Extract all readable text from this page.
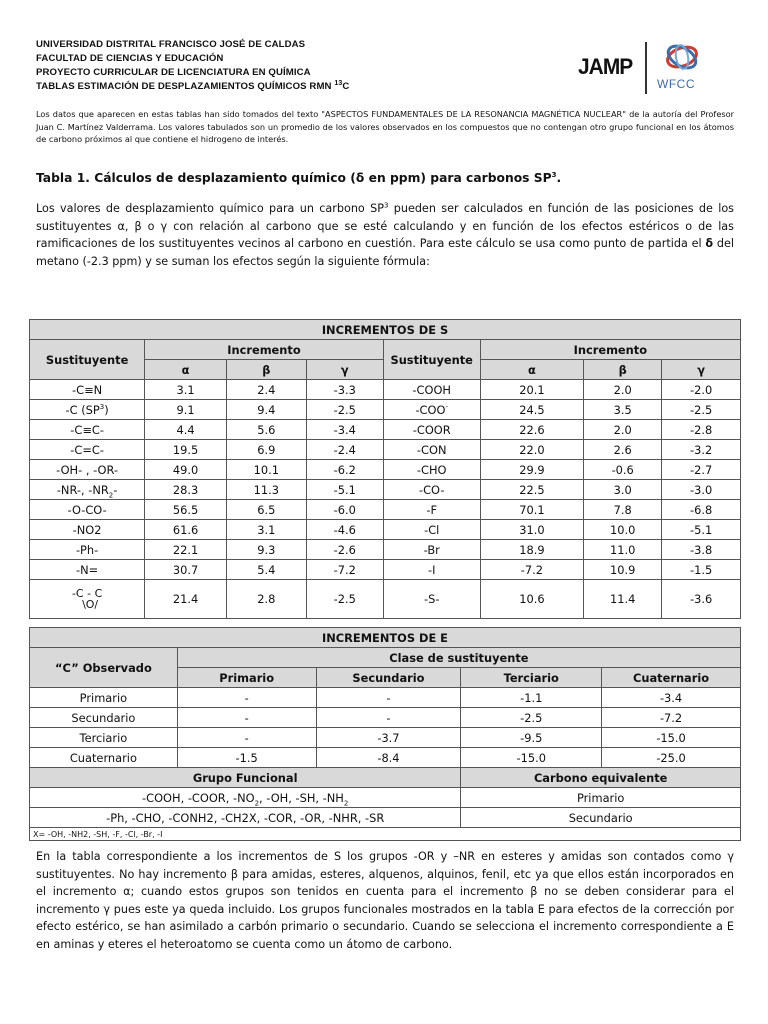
UNIVERSIDAD DISTRITAL FRANCISCO JOSÉ DE CALDAS
FACULTAD DE CIENCIAS Y EDUCACIÓN
PROYECTO CURRICULAR DE LICENCIATURA EN QUÍMICA
TABLAS ESTIMACIÓN DE DESPLAZAMIENTOS QUÍMICOS RMN $^{13}$C
JAMP
WFCC
Los datos que aparecen en estas tablas han sido tomados del texto "ASPECTOS FUNDAMENTALES DE LA RESONANCIA MAGNÉTICA NUCLEAR" de la autoría del Profesor Juan C. Martínez Valderrama. Los valores tabulados son un promedio de los valores observados en los compuestos que no contengan otro grupo funcional en los átomos de carbono próximos al que contiene el hidrogeno de interés.
Tabla 1. Cálculos de desplazamiento químico (δ en ppm) para carbonos $SP^3$.
Los valores de desplazamiento químico para un carbono $SP^3$ pueden ser calculados en función de las posiciones de los sustituyentes α, β o γ con relación al carbono que se esté calculando y en función de los efectos estéricos o de las ramificaciones de los sustituyentes vecinos al carbono en cuestión. Para este cálculo se usa como punto de partida el δ del metano (-2.3 ppm) y se suman los efectos según la siguiente fórmula:
INCREMENTOS DE S							
Sustituyente	Incremento			Sustituyente	Incremento		
	α	β	γ		α	β	γ
-C≡N	3.1	2.4	-3.3	-COOH	20.1	2.0	-2.0
-C $(SP^3)$	9.1	9.4	-2.5	-COO-	24.5	3.5	-2.5
-C≡C-	4.4	5.6	-3.4	-COOR	22.6	2.0	-2.8
-C=C-	19.5	6.9	-2.4	-CON	22.0	2.6	-3.2
-OH- , -OR-	49.0	10.1	-6.2	-CHO	29.9	-0.6	-2.7
-NR-, $-NR_2-$	28.3	11.3	-5.1	-CO-	22.5	3.0	-3.0
-O-CO-	56.5	6.5	-6.0	-F	70.1	7.8	-6.8
-NO2	61.6	3.1	-4.6	-Cl	31.0	10.0	-5.1
-Ph-	22.1	9.3	-2.6	-Br	18.9	11.0	-3.8
-N=	30.7	5.4	-7.2	-I	-7.2	10.9	-1.5

-C - C
\O/	21.4	2.8	-2.5	-S-	10.6	11.4	-3.6
INCREMENTOS DE E				
“C” Observado	Clase de sustituyente			
	Primario	Secundario	Terciario	Cuaternario
Primario	-	-	-1.1	-3.4
Secundario	-	-	-2.5	-7.2
Terciario	-	-3.7	-9.5	-15.0
Cuaternario	-1.5	-8.4	-15.0	-25.0
Grupo Funcional			Carbono equivalente	
-COOH, -COOR, $-NO_2$, -OH, -SH, $-NH_2$			Primario	
-Ph, -CHO, -CONH2, -CH2X, -COR, -OR, -NHR, -SR			Secundario	
X= -OH, -NH2, -SH, -F, -Cl, -Br, -I				
En la tabla correspondiente a los incrementos de S los grupos -OR y –NR en esteres y amidas son contados como γ sustituyentes. No hay incremento β para amidas, esteres, alquenos, alquinos, fenil, etc ya que ellos están incorporados en el incremento α; cuando estos grupos son tenidos en cuenta para el incremento β no se deben considerar para el incremento γ pues este ya queda incluido. Los grupos funcionales mostrados en la tabla E para efectos de la corrección por efecto estérico, se han asimilado a carbón primario o secundario. Cuando se selecciona el incremento correspondiente a E en aminas y eteres el heteroatomo se cuenta como un átomo de carbono.
